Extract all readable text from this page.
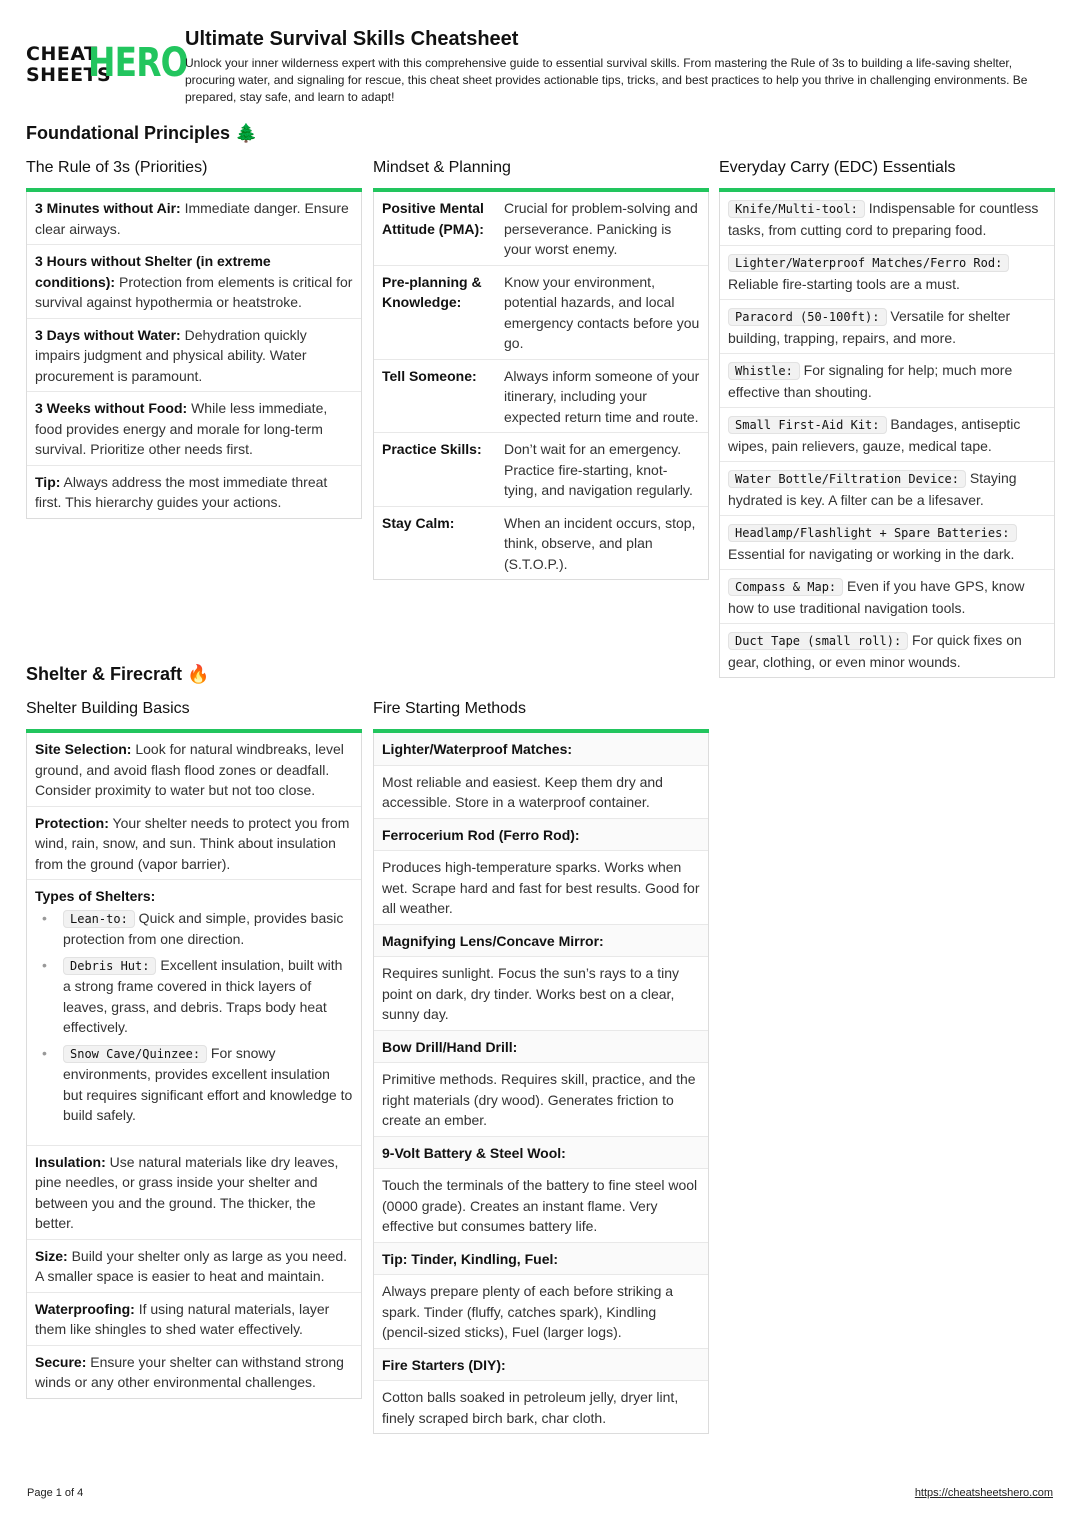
CHEAT
SHEETS
HERO
Ultimate Survival Skills Cheatsheet
Unlock your inner wilderness expert with this comprehensive guide to essential survival skills. From mastering the Rule of 3s to building a life-saving shelter, procuring water, and signaling for rescue, this cheat sheet provides actionable tips, tricks, and best practices to help you thrive in challenging environments. Be prepared, stay safe, and learn to adapt!
Foundational Principles 🌲
The Rule of 3s (Priorities)
3 Minutes without Air: Immediate danger. Ensure clear airways.
3 Hours without Shelter (in extreme conditions): Protection from elements is critical for survival against hypothermia or heatstroke.
3 Days without Water: Dehydration quickly impairs judgment and physical ability. Water procurement is paramount.
3 Weeks without Food: While less immediate, food provides energy and morale for long-term survival. Prioritize other needs first.
Tip: Always address the most immediate threat first. This hierarchy guides your actions.
Mindset & Planning
Positive Mental Attitude (PMA):
Crucial for problem-solving and perseverance. Panicking is your worst enemy.
Pre-planning & Knowledge:
Know your environment, potential hazards, and local emergency contacts before you go.
Tell Someone:	Always inform someone of your itinerary, including your expected return time and route.
Practice Skills:	Don’t wait for an emergency. Practice fire-starting, knot-tying, and navigation regularly.
Stay Calm:	When an incident occurs, stop, think, observe, and plan (S.T.O.P.).
Everyday Carry (EDC) Essentials
Knife/Multi-tool: Indispensable for countless tasks, from cutting cord to preparing food.
Lighter/Waterproof Matches/Ferro Rod: Reliable fire-starting tools are a must.
Paracord (50-100ft): Versatile for shelter building, trapping, repairs, and more.
Whistle: For signaling for help; much more effective than shouting.
Small First-Aid Kit: Bandages, antiseptic wipes, pain relievers, gauze, medical tape.
Water Bottle/Filtration Device: Staying hydrated is key. A filter can be a lifesaver.
Headlamp/Flashlight + Spare Batteries: Essential for navigating or working in the dark.
Compass & Map: Even if you have GPS, know how to use traditional navigation tools.
Duct Tape (small roll): For quick fixes on gear, clothing, or even minor wounds.
Shelter & Firecraft 🔥
Shelter Building Basics
Site Selection: Look for natural windbreaks, level ground, and avoid flash flood zones or deadfall. Consider proximity to water but not too close.
Protection: Your shelter needs to protect you from wind, rain, snow, and sun. Think about insulation from the ground (vapor barrier).
Types of Shelters:
• Lean-to: Quick and simple, provides basic protection from one direction.
• Debris Hut: Excellent insulation, built with a strong frame covered in thick layers of leaves, grass, and debris. Traps body heat effectively.
• Snow Cave/Quinzee: For snowy environments, provides excellent insulation but requires significant effort and knowledge to build safely.
Insulation: Use natural materials like dry leaves, pine needles, or grass inside your shelter and between you and the ground. The thicker, the better.
Size: Build your shelter only as large as you need. A smaller space is easier to heat and maintain.
Waterproofing: If using natural materials, layer them like shingles to shed water effectively.
Secure: Ensure your shelter can withstand strong winds or any other environmental challenges.
Fire Starting Methods
Lighter/Waterproof Matches:
Most reliable and easiest. Keep them dry and accessible. Store in a waterproof container.
Ferrocerium Rod (Ferro Rod):
Produces high-temperature sparks. Works when wet. Scrape hard and fast for best results. Good for all weather.
Magnifying Lens/Concave Mirror:
Requires sunlight. Focus the sun’s rays to a tiny point on dark, dry tinder. Works best on a clear, sunny day.
Bow Drill/Hand Drill:
Primitive methods. Requires skill, practice, and the right materials (dry wood). Generates friction to create an ember.
9-Volt Battery & Steel Wool:
Touch the terminals of the battery to fine steel wool (0000 grade). Creates an instant flame. Very effective but consumes battery life.
Tip: Tinder, Kindling, Fuel:
Always prepare plenty of each before striking a spark. Tinder (fluffy, catches spark), Kindling (pencil-sized sticks), Fuel (larger logs).
Fire Starters (DIY):
Cotton balls soaked in petroleum jelly, dryer lint, finely scraped birch bark, char cloth.
Page 1 of 4	https://cheatsheetshero.com
